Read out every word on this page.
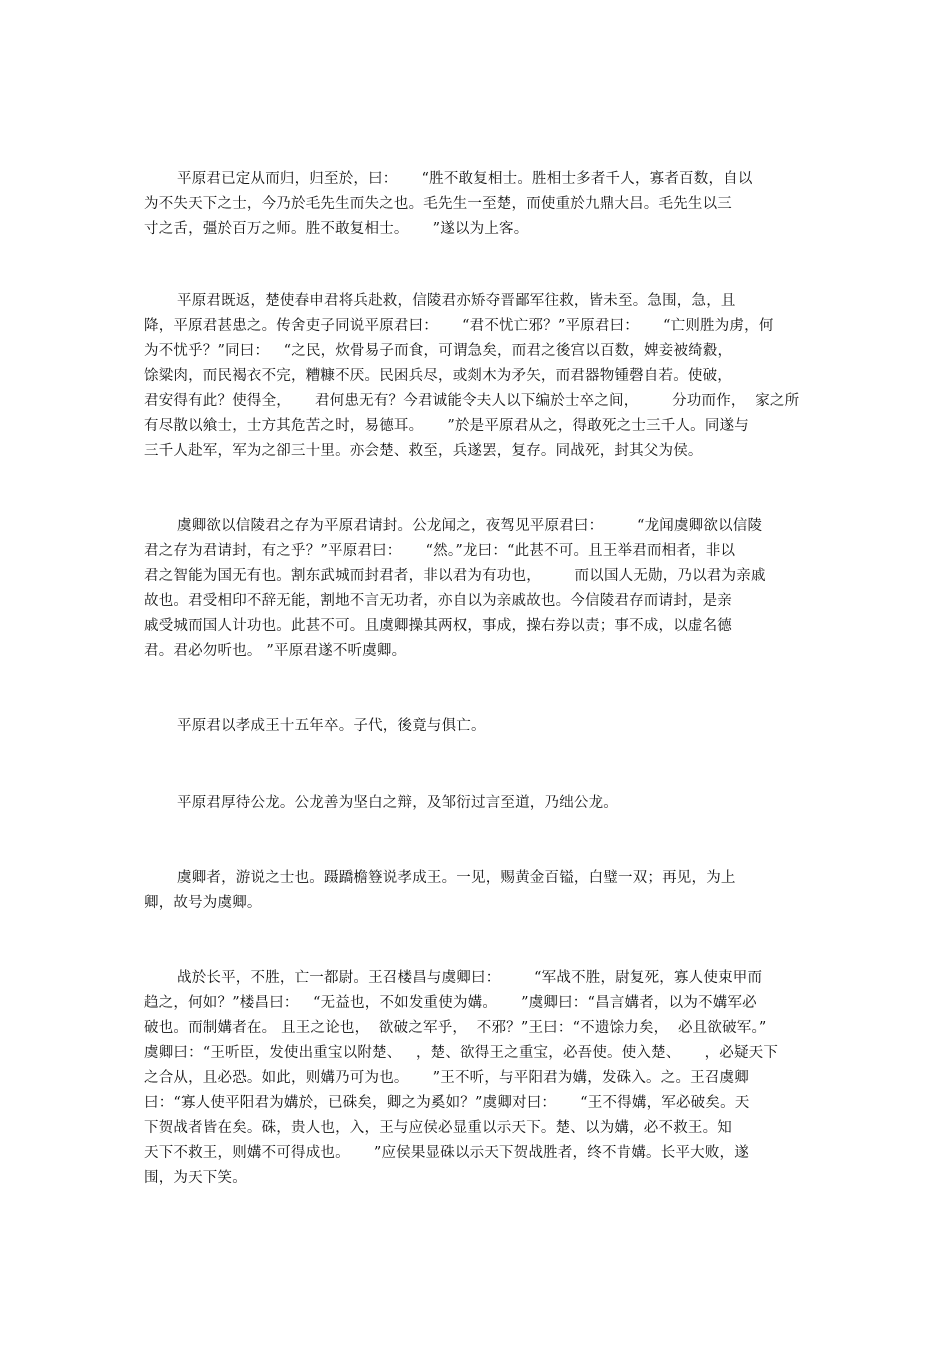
平原君已定从而归，归至於，曰：     “胜不敢复相士。胜相士多者千人，寡者百数，自以
为不失天下之士，今乃於毛先生而失之也。毛先生一至楚，而使重於九鼎大吕。毛先生以三
寸之舌，彊於百万之师。胜不敢复相士。     ”遂以为上客。
平原君既返，楚使春申君将兵赴救，信陵君亦矫夺晋鄙军往救，皆未至。急围，急，且
降，平原君甚患之。传舍吏子同说平原君曰：     “君不忧亡邪？”平原君曰：     “亡则胜为虏，何
为不忧乎？”同曰：   “之民，炊骨易子而食，可谓急矣，而君之後宫以百数，婢妾被绮縠，
馀粱肉，而民褐衣不完，糟糠不厌。民困兵尽，或剡木为矛矢，而君器物锺磬自若。使破，
君安得有此？使得全，     君何患无有？今君诚能令夫人以下编於士卒之间，       分功而作，  家之所
有尽散以飨士，士方其危苦之时，易德耳。     ”於是平原君从之，得敢死之士三千人。同遂与
三千人赴军，军为之卻三十里。亦会楚、救至，兵遂罢，复存。同战死，封其父为侯。
虞卿欲以信陵君之存为平原君请封。公龙闻之，夜驾见平原君曰：       “龙闻虞卿欲以信陵
君之存为君请封，有之乎？”平原君曰：     “然。”龙曰：“此甚不可。且王举君而相者，非以
君之智能为国无有也。割东武城而封君者，非以君为有功也，       而以国人无勋，乃以君为亲戚
故也。君受相印不辞无能，割地不言无功者，亦自以为亲戚故也。今信陵君存而请封，是亲
戚受城而国人计功也。此甚不可。且虞卿操其两权，事成，操右券以责；事不成，以虚名德
君。君必勿听也。 ”平原君遂不听虞卿。
平原君以孝成王十五年卒。子代，後竟与俱亡。
平原君厚待公龙。公龙善为坚白之辩，及邹衍过言至道，乃绌公龙。
虞卿者，游说之士也。蹑蹻檐簦说孝成王。一见，赐黄金百镒，白璧一双；再见，为上
卿，故号为虞卿。
战於长平，不胜，亡一都尉。王召楼昌与虞卿曰：       “军战不胜，尉复死，寡人使束甲而
趋之，何如？”楼昌曰：   “无益也，不如发重使为媾。     ”虞卿曰：“昌言媾者，以为不媾军必
破也。而制媾者在。 且王之论也，  欲破之军乎，  不邪？”王曰：“不遗馀力矣，  必且欲破军。”
虞卿曰：“王听臣，发使出重宝以附楚、   ，楚、欲得王之重宝，必吾使。使入楚、     ，必疑天下
之合从，且必恐。如此，则媾乃可为也。     ”王不听，与平阳君为媾，发硃入。之。王召虞卿
曰：“寡人使平阳君为媾於，已硃矣，卿之为奚如？”虞卿对曰：     “王不得媾，军必破矣。天
下贺战者皆在矣。硃，贵人也，入，王与应侯必显重以示天下。楚、以为媾，必不救王。知
天下不救王，则媾不可得成也。     ”应侯果显硃以示天下贺战胜者，终不肯媾。长平大败，遂
围，为天下笑。
